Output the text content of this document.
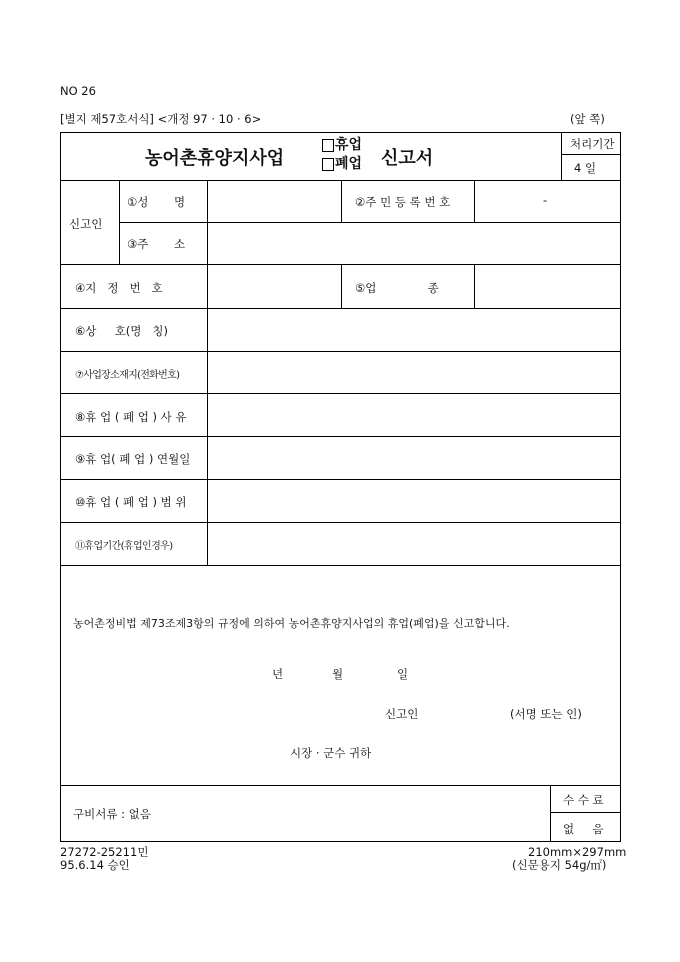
NO 26
[별지 제57호서식] <개정 97 · 10 · 6>	(앞 쪽)
농어촌휴양지사업
휴업
폐업 신고서
처리기간
4 일
신고인
①성       명	②주 민 등 록 번 호	-
③주       소
④지   정   번   호	⑤업              종
⑥상     호(명   칭)
⑦사업장소재지(전화번호)
⑧휴 업 ( 폐 업 ) 사 유
⑨휴 업( 폐 업 ) 연월일
⑩휴 업 ( 폐 업 ) 범 위
⑪휴업기간(휴업인경우)
농어촌정비법 제73조제3항의 규정에 의하여 농어촌휴양지사업의 휴업(폐업)을 신고합니다.
년	월	일
신고인	(서명 또는 인)
시장 · 군수 귀하
구비서류 : 없음
수 수 료
없     음
27272-25211민
95.6.14 승인
210mm×297mm
(신문용지 54g/㎡)
